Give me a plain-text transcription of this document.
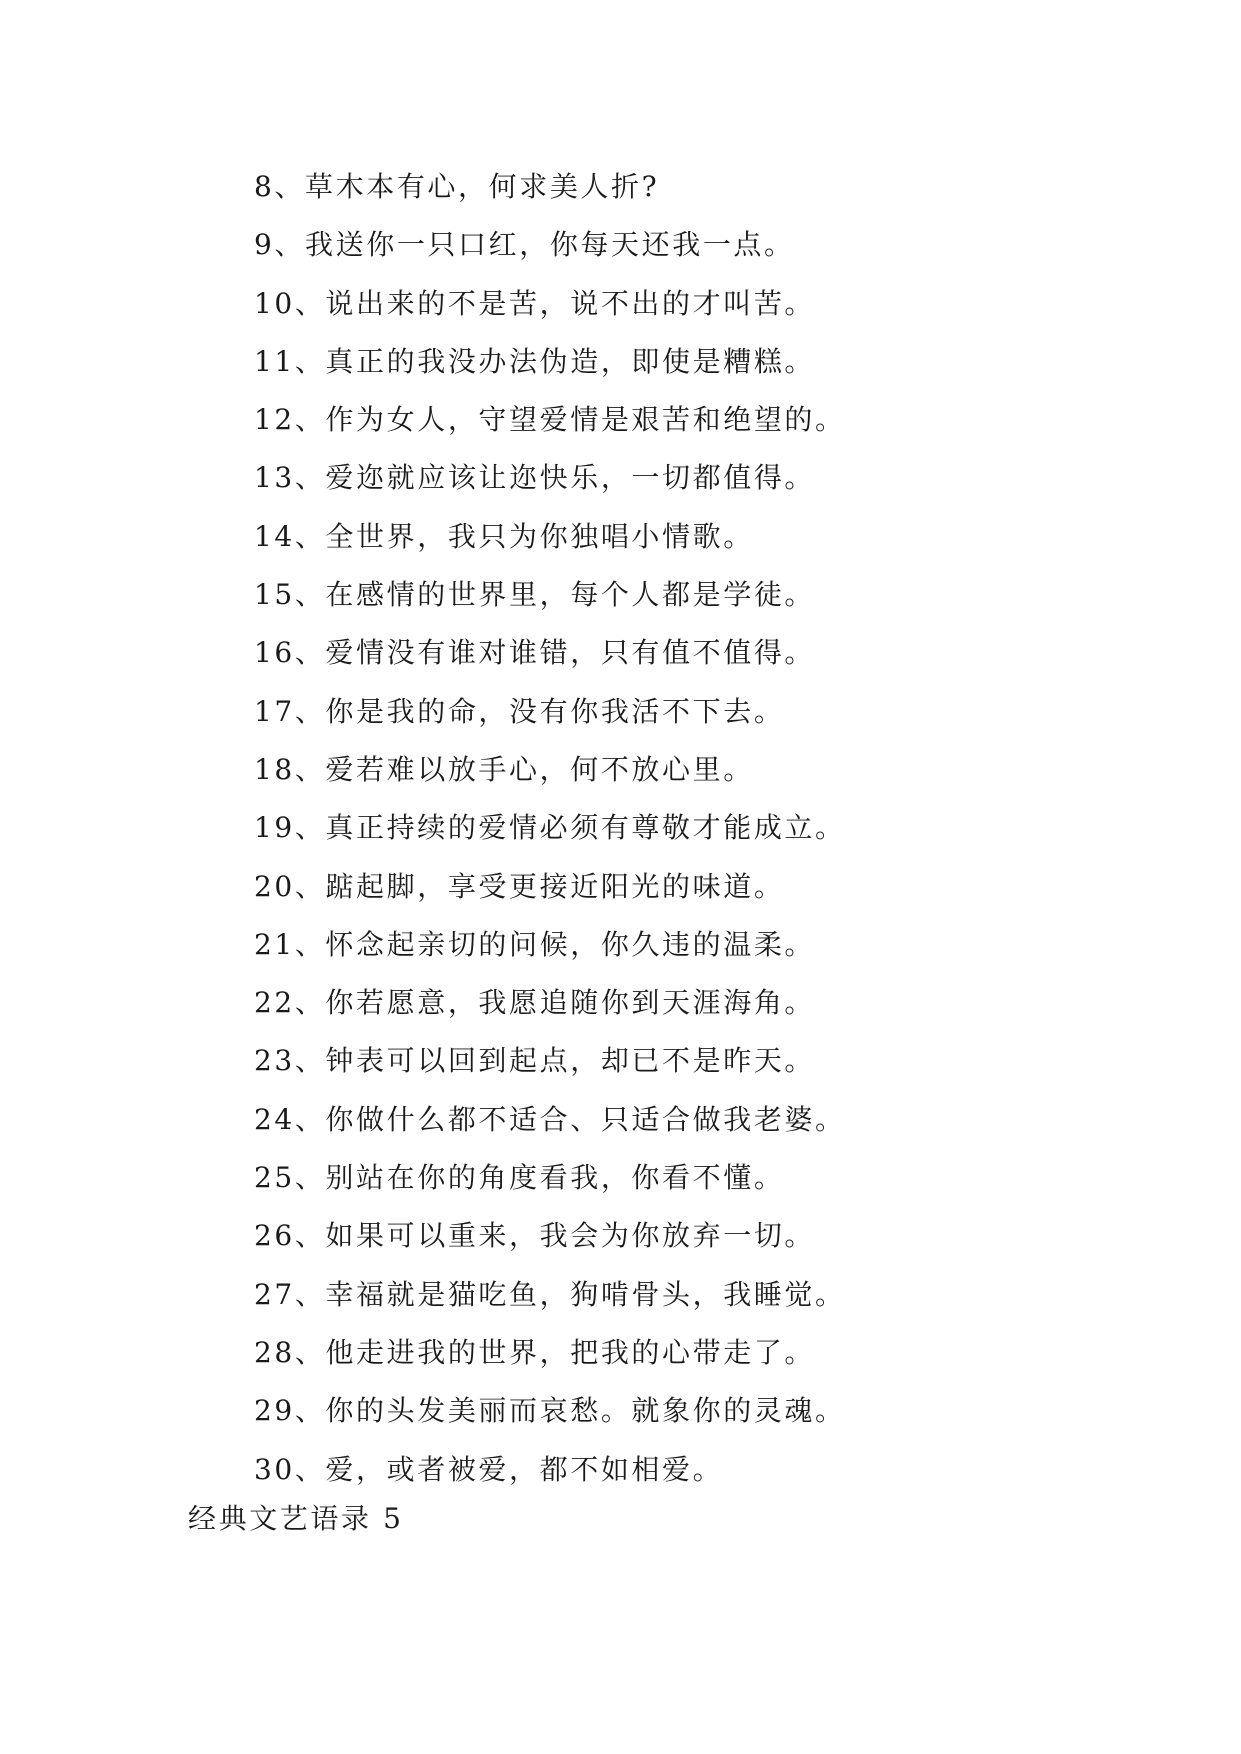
8、草木本有心，何求美人折?
9、我送你一只口红，你每天还我一点。
10、说出来的不是苦，说不出的才叫苦。
11、真正的我没办法伪造，即使是糟糕。
12、作为女人，守望爱情是艰苦和绝望的。
13、爱迩就应该让迩快乐，一切都值得。
14、全世界，我只为你独唱小情歌。
15、在感情的世界里，每个人都是学徒。
16、爱情没有谁对谁错，只有值不值得。
17、你是我的命，没有你我活不下去。
18、爱若难以放手心，何不放心里。
19、真正持续的爱情必须有尊敬才能成立。
20、踮起脚，享受更接近阳光的味道。
21、怀念起亲切的问候，你久违的温柔。
22、你若愿意，我愿追随你到天涯海角。
23、钟表可以回到起点，却已不是昨天。
24、你做什么都不适合、只适合做我老婆。
25、别站在你的角度看我，你看不懂。
26、如果可以重来，我会为你放弃一切。
27、幸福就是猫吃鱼，狗啃骨头，我睡觉。
28、他走进我的世界，把我的心带走了。
29、你的头发美丽而哀愁。就象你的灵魂。
30、爱，或者被爱，都不如相爱。
经典文艺语录 5
